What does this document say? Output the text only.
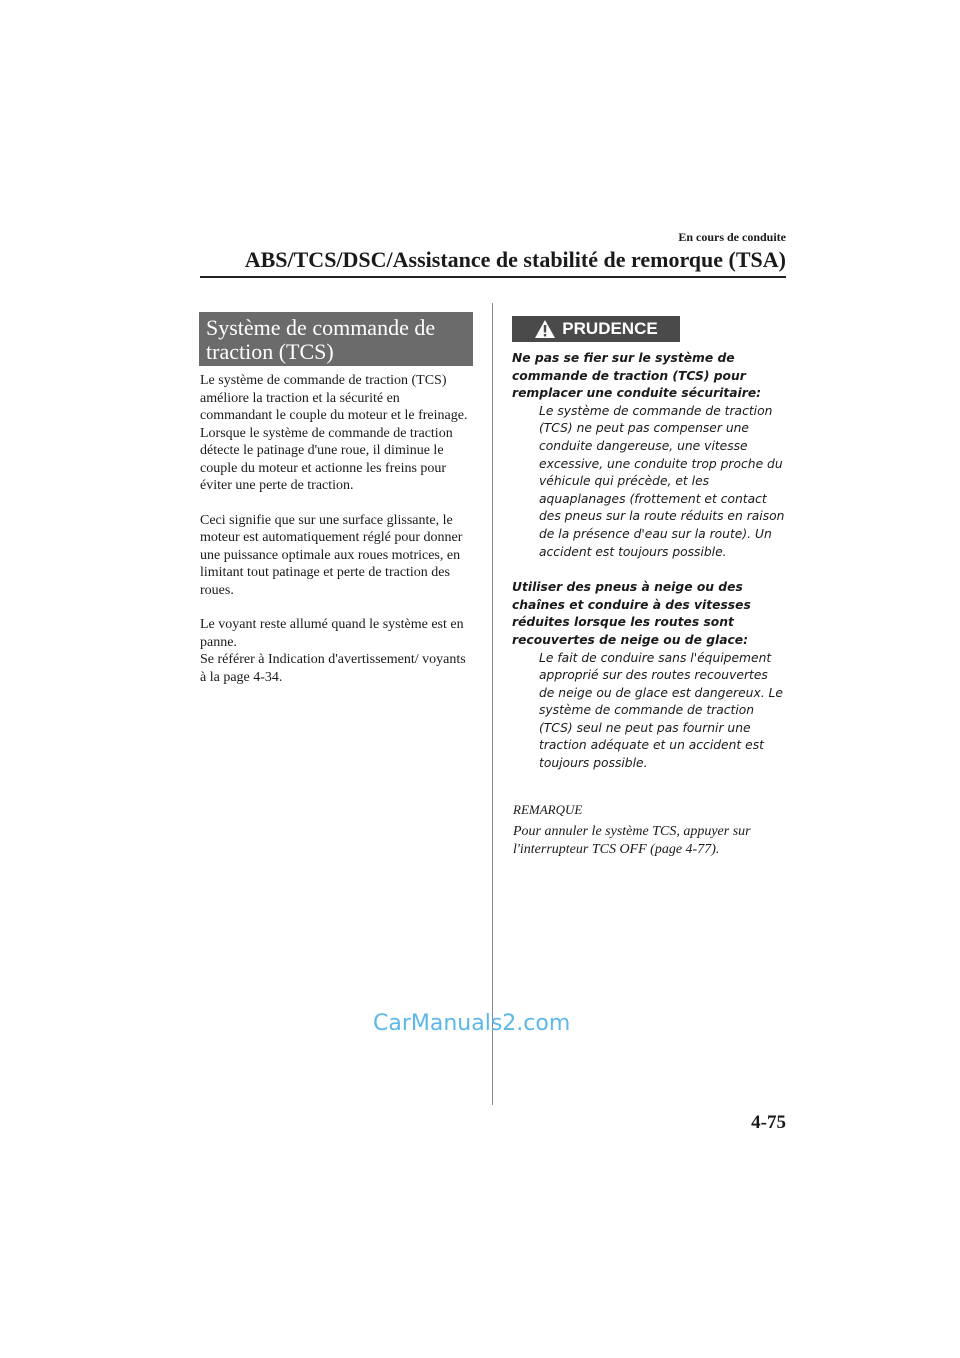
En cours de conduite
ABS/TCS/DSC/Assistance de stabilité de remorque (TSA)
Système de commande de traction (TCS)

Le système de commande de traction (TCS) améliore la traction et la sécurité en commandant le couple du moteur et le freinage. Lorsque le système de commande de traction détecte le patinage d'une roue, il diminue le couple du moteur et actionne les freins pour éviter une perte de traction.

Ceci signifie que sur une surface glissante, le moteur est automatiquement réglé pour donner une puissance optimale aux roues motrices, en limitant tout patinage et perte de traction des roues.

Le voyant reste allumé quand le système est en panne.

Se référer à Indication d'avertissement/ voyants à la page 4-34.

PRUDENCE

Ne pas se fier sur le système de commande de traction (TCS) pour remplacer une conduite sécuritaire:

Le système de commande de traction (TCS) ne peut pas compenser une conduite dangereuse, une vitesse excessive, une conduite trop proche du véhicule qui précède, et les aquaplanages (frottement et contact des pneus sur la route réduits en raison de la présence d'eau sur la route). Un accident est toujours possible.

Utiliser des pneus à neige ou des chaînes et conduire à des vitesses réduites lorsque les routes sont recouvertes de neige ou de glace:

Le fait de conduire sans l'équipement approprié sur des routes recouvertes de neige ou de glace est dangereux. Le système de commande de traction (TCS) seul ne peut pas fournir une traction adéquate et un accident est toujours possible.

REMARQUE
Pour annuler le système TCS, appuyer sur l'interrupteur TCS OFF (page 4-77).
CarManuals2.com
4-75
